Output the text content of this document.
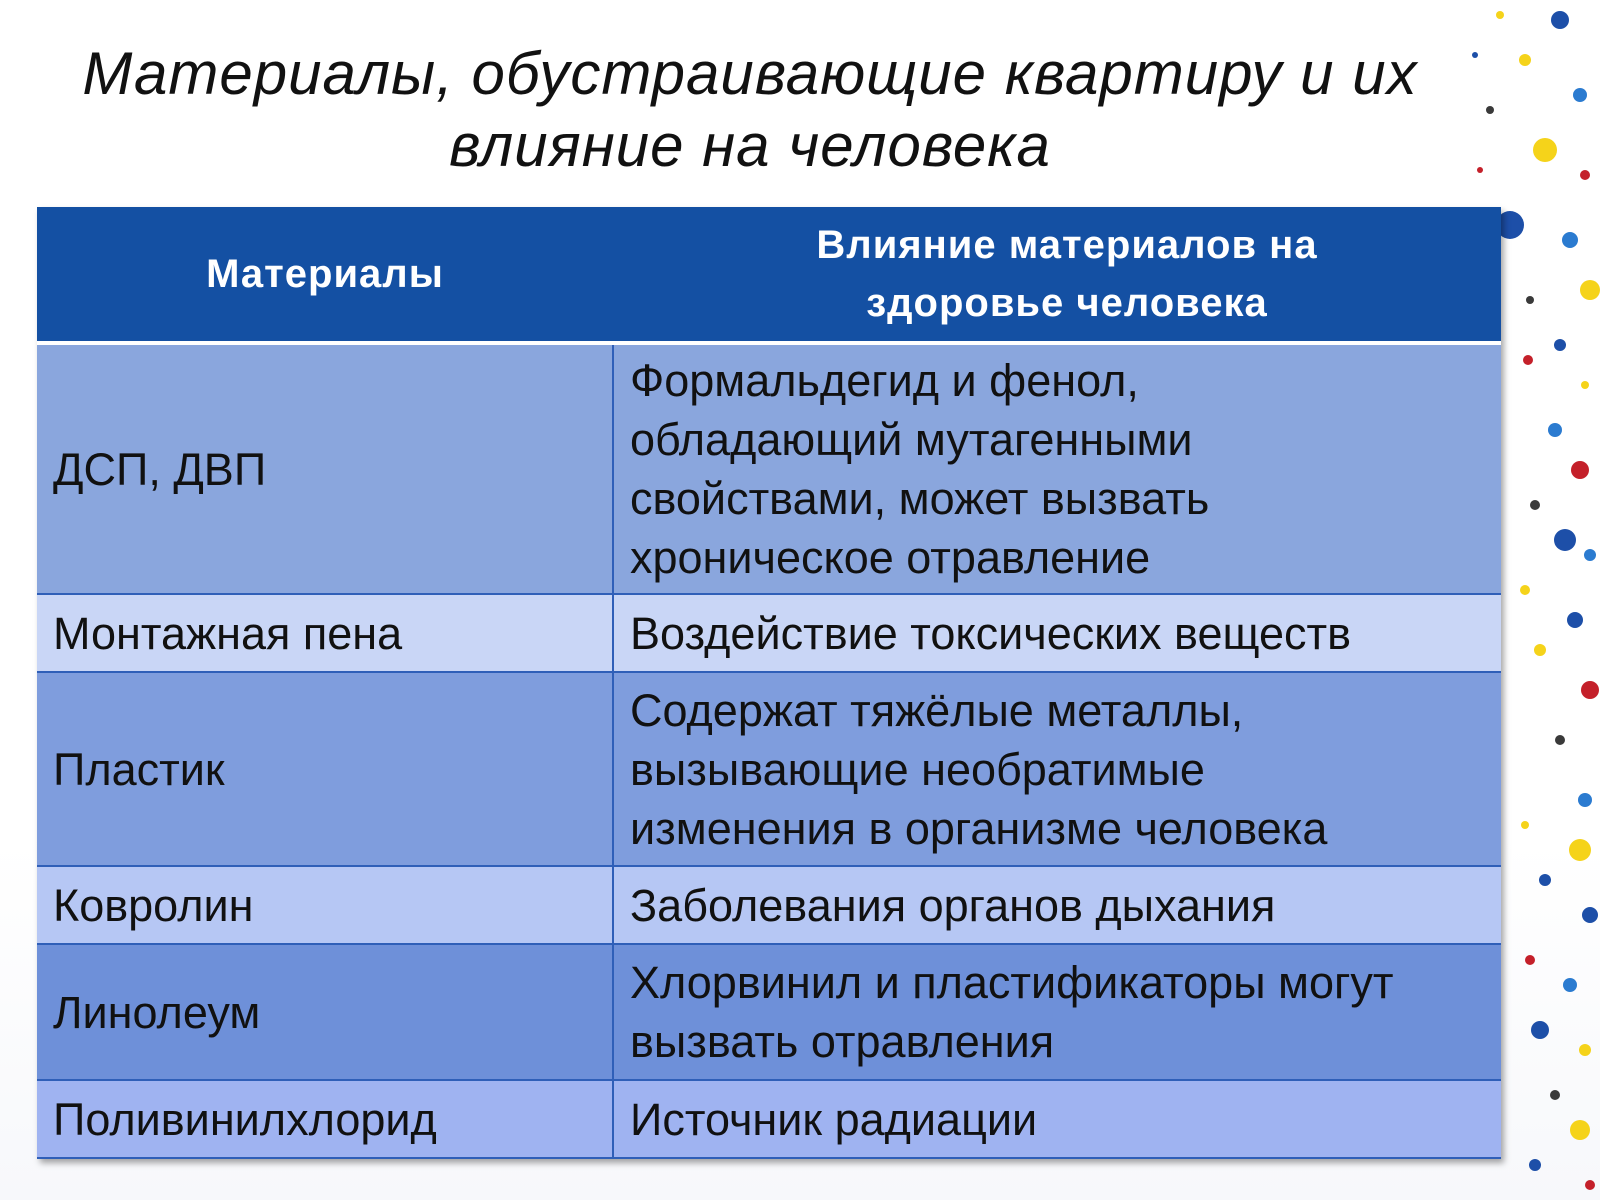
Материалы, обустраивающие квартиру и их
влияние на человека
Материалы	Влияние материалов на
здоровье человека

ДСП, ДВП	Формальдегид и фенол,
обладающий мутагенными
свойствами, может вызвать
хроническое отравление

Монтажная пена	Воздействие токсических веществ

Пластик	Содержат тяжёлые металлы,
вызывающие необратимые
изменения в организме человека

Ковролин	Заболевания органов дыхания

Линолеум	Хлорвинил и пластификаторы могут
вызвать отравления

Поливинилхлорид	Источник радиации
